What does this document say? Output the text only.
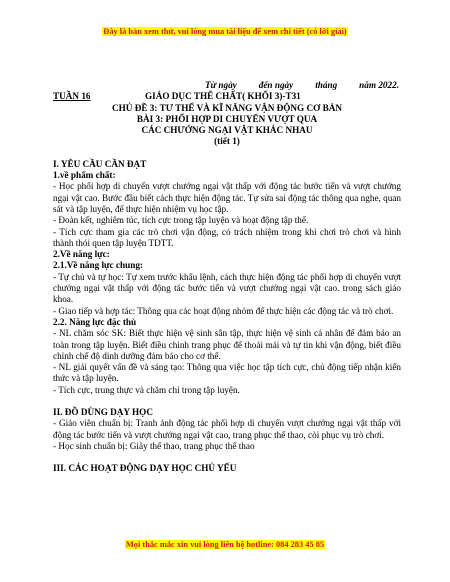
Đây là bản xem thử, vui lòng mua tài liệu để xem chi tiết (có lời giải)
Từ ngày đến ngày tháng năm 2022.
TUẦN 16	GIÁO DỤC THỂ CHẤT( KHỐI 3)-T31
CHỦ ĐỀ 3: TƯ THẾ VÀ KĨ NĂNG VẬN ĐỘNG CƠ BẢN
BÀI 3: PHỐI HỢP DI CHUYỂN VƯỢT QUA
CÁC CHƯỚNG NGẠI VẬT KHÁC NHAU
(tiết 1)
I. YÊU CẦU CẦN ĐẠT
1.về phẩm chất:

- Học phối hợp di chuyển vượt chướng ngại vật thấp với động tác bước tiến và vượt chướng ngại vật cao. Bước đầu biết cách thực hiện động tác. Tự sửa sai động tác thông qua nghe, quan sát và tập luyện, để thực hiện nhiệm vụ học tập.

- Đoàn kết, nghiêm túc, tích cực trong tập luyện và hoạt động tập thể.

- Tích cực tham gia các trò chơi vận động, có trách nhiệm trong khi chơi trò chơi và hình thành thói quen tập luyện TDTT.

2.Về năng lực:
2.1.Về năng lực chung:

- Tự chủ và tự học: Tự xem trước khẩu lệnh, cách thực hiện động tác phối hợp di chuyển vượt chướng ngại vật thấp với động tác bước tiến và vượt chướng ngại vật cao. trong sách giáo khoa.

- Giao tiếp và hợp tác: Thông qua các hoạt động nhóm để thực hiện các động tác và trò chơi.

2.2. Năng lực đặc thù

- NL chăm sóc SK: Biết thực hiện vệ sinh sân tập, thực hiện vệ sinh cá nhân để đảm bảo an toàn trong tập luyện. Biết điều chỉnh trang phục để thoải mái và tự tin khi vận động, biết điều chỉnh chế độ dinh dưỡng đảm bảo cho cơ thể.

- NL giải quyết vấn đề và sáng tạo: Thông qua việc học tập tích cực, chủ động tiếp nhận kiến thức và tập luyện.

- Tích cực, trung thực và chăm chỉ trong tập luyện.

II. ĐỒ DÙNG DẠY HỌC

- Giáo viên chuẩn bị: Tranh ảnh động tác phối hợp di chuyển vượt chướng ngại vật thấp với động tác bước tiến và vượt chướng ngại vật cao, trang phục thể thao, còi phục vụ trò chơi.

- Học sinh chuẩn bị: Giày thể thao, trang phục thể thao

III. CÁC HOẠT ĐỘNG DẠY HỌC CHỦ YẾU
Mọi thắc mắc xin vui lòng liên hệ hotline: 084 283 45 85
